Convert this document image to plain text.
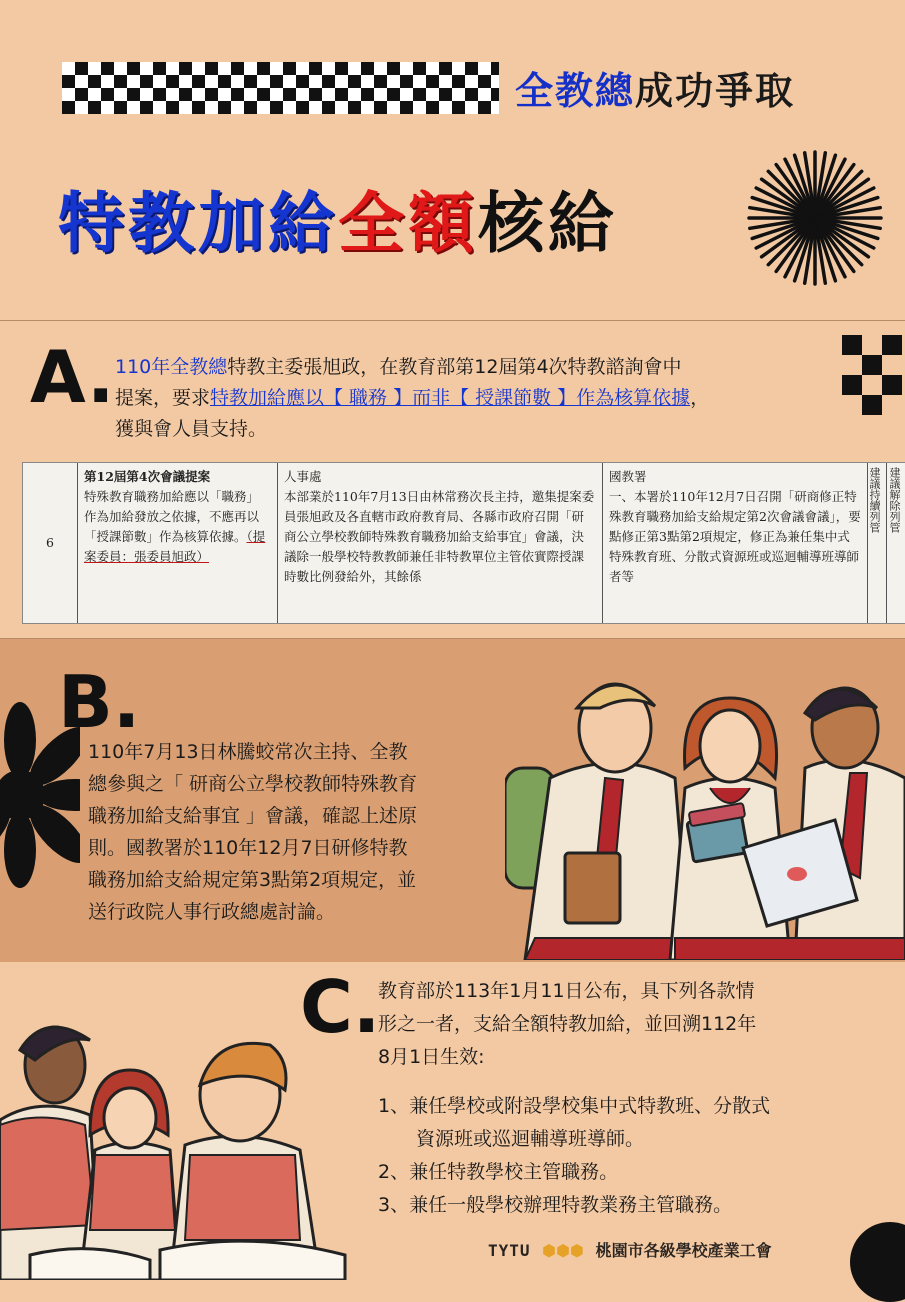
全教總成功爭取
特教加給全額核給
A. 110年全教總特教主委張旭政，在教育部第12屆第4次特教諮詢會中
提案，要求特教加給應以【 職務 】而非【 授課節數 】作為核算依據，
獲與會人員支持。
6
第12屆第4次會議提案
特殊教育職務加給應以「職務」作為加給發放之依據，不應再以「授課節數」作為核算依據。（提案委員：張委員旭政）
人事處
本部業於110年7月13日由林常務次長主持，邀集提案委員張旭政及各直轄市政府教育局、各縣市政府召開「研商公立學校教師特殊教育職務加給支給事宜」會議，決議除一般學校特教教師兼任非特教單位主管依實際授課時數比例發給外，其餘係
國教署
一、本署於110年12月7日召開「研商修正特殊教育職務加給支給規定第2次會議會議」，要點修正第3點第2項規定，修正為兼任集中式特殊教育班、分散式資源班或巡迴輔導班導師者等
建議持續列管 建議解除列管
B.
110年7月13日林騰蛟常次主持、全教
總參與之「 研商公立學校教師特殊教育
職務加給支給事宜 」會議，確認上述原
則。國教署於110年12月7日研修特教
職務加給支給規定第3點第2項規定，並
送行政院人事行政總處討論。
C.
教育部於113年1月11日公布，具下列各款情
形之一者，支給全額特教加給，並回溯112年
8月1日生效:

1、兼任學校或附設學校集中式特教班、分散式

資源班或巡迴輔導班導師。

2、兼任特教學校主管職務。

3、兼任一般學校辦理特教業務主管職務。

TYTU ⬢⬢⬢ 桃園市各級學校產業工會
